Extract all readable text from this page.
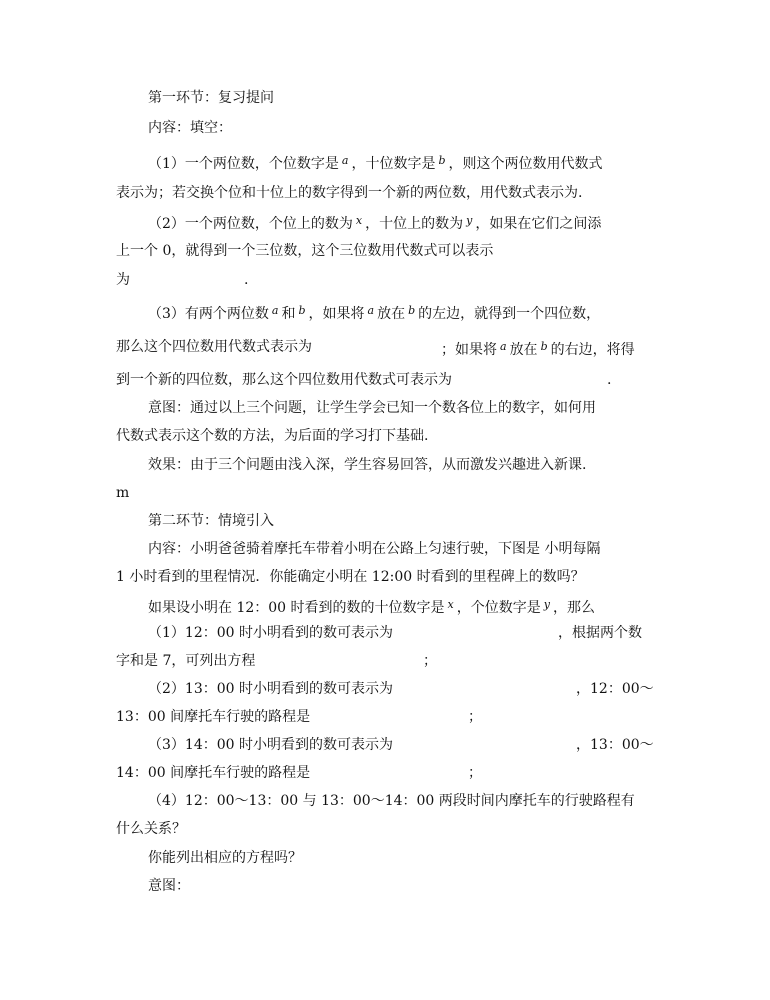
第一环节：复习提问
内容：填空：
（1）一个两位数，个位数字是 $^a$ ，十位数字是 $^b$ ，则这个两位数用代数式
表示为；若交换个位和十位上的数字得到一个新的两位数，用代数式表示为.
（2）一个两位数，个位上的数为 $^x$ ，十位上的数为 $^y$ ，如果在它们之间添
上一个 0，就得到一个三位数，这个三位数用代数式可以表示
为	.
（3）有两个两位数 $^a$ 和 $^b$ ，如果将 $^a$ 放在 $^b$ 的左边，就得到一个四位数，
那么这个四位数用代数式表示为	；如果将 $^a$ 放在 $^b$ 的右边，将得
到一个新的四位数，那么这个四位数用代数式可表示为	.
意图：通过以上三个问题，让学生学会已知一个数各位上的数字，如何用
代数式表示这个数的方法，为后面的学习打下基础.
效果：由于三个问题由浅入深，学生容易回答，从而激发兴趣进入新课.
m
第二环节：情境引入
内容：小明爸爸骑着摩托车带着小明在公路上匀速行驶，下图是 小明每隔
1 小时看到的里程情况．你能确定小明在 12:00 时看到的里程碑上的数吗？
如果设小明在 12：00 时看到的数的十位数字是 $^x$ ，个位数字是 $^y$ ，那么
（1）12：00 时小明看到的数可表示为	，根据两个数
字和是 7，可列出方程	；
（2）13：00 时小明看到的数可表示为	，12：00～
13：00 间摩托车行驶的路程是	；
（3）14：00 时小明看到的数可表示为	，13：00～
14：00 间摩托车行驶的路程是	；
（4）12：00～13：00 与 13：00～14：00 两段时间内摩托车的行驶路程有
什么关系？
你能列出相应的方程吗？
意图：
